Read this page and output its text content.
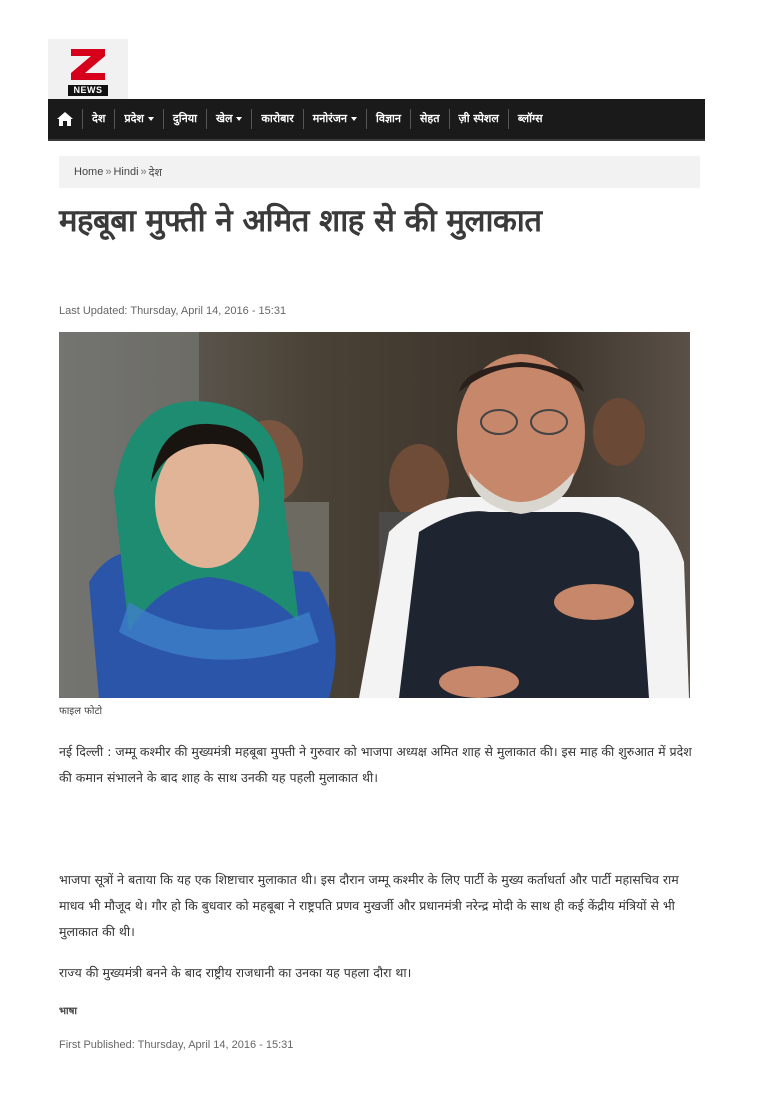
NEWS
देश प्रदेश	दुनिया खेल	कारोबार मनोरंजन	विज्ञान सेहत ज़ी स्पेशल ब्लॉग्स
Home » Hindi » देश
महबूबा मुफ्ती ने अमित शाह से की मुलाकात
Last Updated: Thursday, April 14, 2016 - 15:31
फाइल फोटो

नई दिल्ली : जम्मू कश्मीर की मुख्यमंत्री महबूबा मुफ्ती ने गुरुवार को भाजपा अध्यक्ष अमित शाह से मुलाकात की। इस माह की शुरुआत में प्रदेश की कमान संभालने के बाद शाह के साथ उनकी यह पहली मुलाकात थी।

भाजपा सूत्रों ने बताया कि यह एक शिष्टाचार मुलाकात थी। इस दौरान जम्मू कश्मीर के लिए पार्टी के मुख्य कर्ताधर्ता और पार्टी महासचिव राम माधव भी मौजूद थे। गौर हो कि बुधवार को महबूबा ने राष्ट्रपति प्रणव मुखर्जी और प्रधानमंत्री नरेन्द्र मोदी के साथ ही कई केंद्रीय मंत्रियों से भी मुलाकात की थी।

राज्य की मुख्यमंत्री बनने के बाद राष्ट्रीय राजधानी का उनका यह पहला दौरा था।

भाषा
First Published: Thursday, April 14, 2016 - 15:31
